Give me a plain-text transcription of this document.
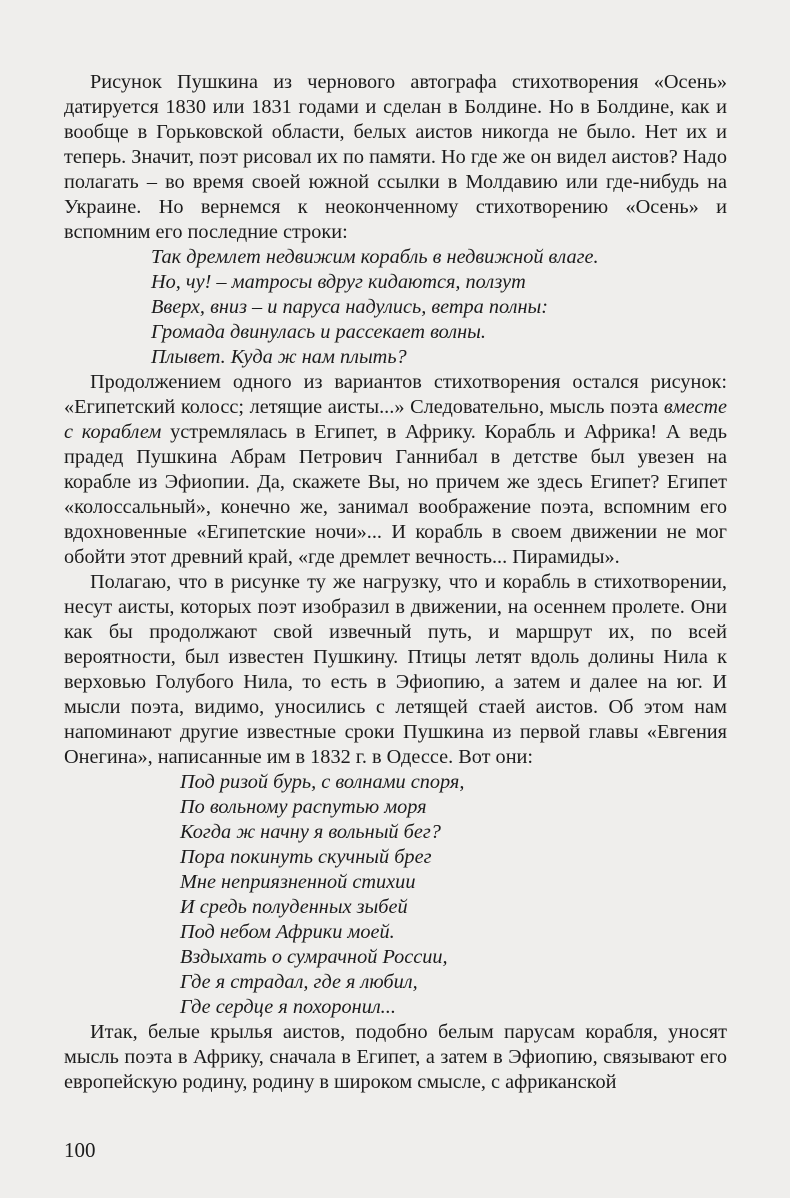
Рисунок Пушкина из чернового автографа стихотворения «Осень» датируется 1830 или 1831 годами и сделан в Болдине. Но в Болдине, как и вообще в Горьковской области, белых аистов никогда не было. Нет их и теперь. Значит, поэт рисовал их по памяти. Но где же он видел аистов? Надо полагать – во время своей южной ссылки в Молдавию или где-нибудь на Украине. Но вернемся к неоконченному стихотворению «Осень» и вспомним его последние строки:

Так дремлет недвижим корабль в недвижной влаге.
Но, чу! – матросы вдруг кидаются, ползут
Вверх, вниз – и паруса надулись, ветра полны:
Громада двинулась и рассекает волны.
Плывет. Куда ж нам плыть?

Продолжением одного из вариантов стихотворения остался рисунок: «Египетский колосс; летящие аисты...» Следовательно, мысль поэта вместе с кораблем устремлялась в Египет, в Африку. Корабль и Африка! А ведь прадед Пушкина Абрам Петрович Ганнибал в детстве был увезен на корабле из Эфиопии. Да, скажете Вы, но причем же здесь Египет? Египет «колоссальный», конечно же, занимал воображение поэта, вспомним его вдохновенные «Египетские ночи»... И корабль в своем движении не мог обойти этот древний край, «где дремлет вечность... Пирамиды».

Полагаю, что в рисунке ту же нагрузку, что и корабль в стихотворении, несут аисты, которых поэт изобразил в движении, на осеннем пролете. Они как бы продолжают свой извечный путь, и маршрут их, по всей вероятности, был известен Пушкину. Птицы летят вдоль долины Нила к верховью Голубого Нила, то есть в Эфиопию, а затем и далее на юг. И мысли поэта, видимо, уносились с летящей стаей аистов. Об этом нам напоминают другие известные сроки Пушкина из первой главы «Евгения Онегина», написанные им в 1832 г. в Одессе. Вот они:

Под ризой бурь, с волнами споря,
По вольному распутью моря
Когда ж начну я вольный бег?
Пора покинуть скучный брег
Мне неприязненной стихии
И средь полуденных зыбей
Под небом Африки моей.
Вздыхать о сумрачной России,
Где я страдал, где я любил,
Где сердце я похоронил...

Итак, белые крылья аистов, подобно белым парусам корабля, уносят мысль поэта в Африку, сначала в Египет, а затем в Эфиопию, связывают его европейскую родину, родину в широком смысле, с африканской

100
